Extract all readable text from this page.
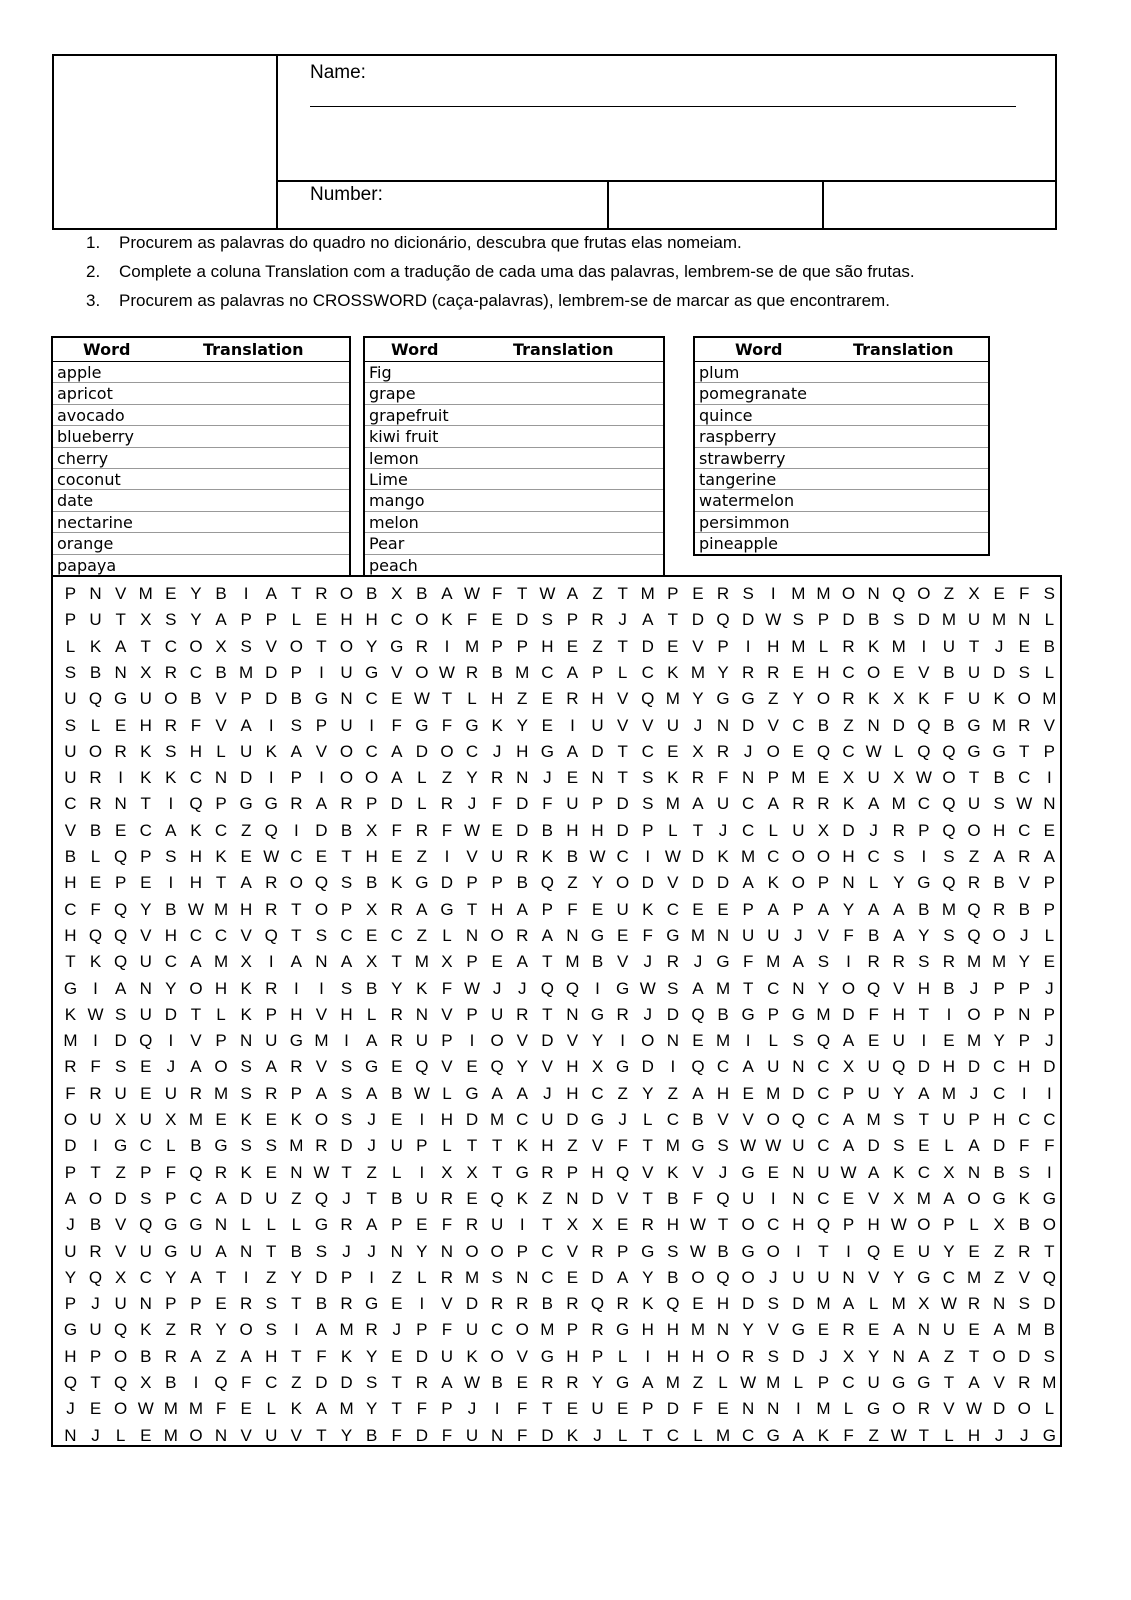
Name:
Number:
1. Procurem as palavras do quadro no dicionário, descubra que frutas elas nomeiam.
2. Complete a coluna Translation com a tradução de cada uma das palavras, lembrem-se de que são frutas.
3. Procurem as palavras no CROSSWORD (caça-palavras), lembrem-se de marcar as que encontrarem.
Word	Translation
apple
apricot
avocado
blueberry
cherry
coconut
date
nectarine
orange
papaya
Word	Translation
Fig
grape
grapefruit
kiwi fruit
lemon
Lime
mango
melon
Pear
peach
Word	Translation
plum
pomegranate
quince
raspberry
strawberry
tangerine
watermelon
persimmon
pineapple
P N V M E Y B	I	A T R O B X B A W F T W A Z T M P E R S	I M M O N Q O Z X E F S
P U T X S Y A P P L E H H C O K F E D S P R J A T D Q D W S P D B S D M U M N L
L K A T C O X S V O T O Y G R I M P P H E Z T D E V P	I H M L R K M I U T J E B
S B N X R C B M D P	I U G V O W R B M C A P L C K M Y R R E H C O E V B U D S L
U Q G U O B V P D B G N C E W T L H Z E R H V Q M Y G G Z Y O R K X K F U K O M
S L E H R F V A	I	S P U I	F G F G K Y E	I U V V U J N D V C B Z N D Q B G M R V
U O R K S H L U K A V O C A D O C J H G A D T C E X R J O E Q C W L Q Q G G T P
U R I	K K C N D I	P	I O O A L Z Y R N J E N T S K R F N P M E X U X W O T B C I
C R N T	I Q P G G R A R P D L R J F D F U P D S M A U C A R R K A M C Q U S W N
V B E C A K C Z Q I D B X F R F W E D B H H D P L T J C L U X D J R P Q O H C E
B L Q P S H K E W C E T H E Z	I	V U R K B W C I W D K M C O O H C S	I	S Z A R A
H E P E	I H T A R O Q S B K G D P P B Q Z Y O D V D D A K O P N L Y G Q R B V P
C F Q Y B W M H R T O P X R A G T H A P F E U K C E E P A P A Y A A B M Q R B P
H Q Q V H C C V Q T S C E C Z L N O R A N G E F G M N U U J V F B A Y S Q O J L
T K Q U C A M X	I	A N A X T M X P E A T M B V J R J G F M A S	I R R S R M M Y E
G I	A N Y O H K R I	I	S B Y K F W J J Q Q I G W S A M T C N Y O Q V H B J P P J
K W S U D T L K P H V H L R N V P U R T N G R J D Q B G P G M D F H T	I O P N P
M I D Q I	V P N U G M I	A R U P	I O V D V Y	I O N E M I	L S Q A E U I	E M Y P J
R F S E J A O S A R V S G E Q V E Q Y V H X G D I Q C A U N C X U Q D H D C H D
F R U E U R M S R P A S A B W L G A A J H C Z Y Z A H E M D C P U Y A M J C I	I
O U X U X M E K E K O S J E	I H D M C U D G J L C B V V O Q C A M S T U P H C C
D I G C L B G S S M R D J U P L T T K H Z V F T M G S W W U C A D S E L A D F F
P T Z P F Q R K E N W T Z L	I	X X T G R P H Q V K V J G E N U W A K C X N B S	I
A O D S P C A D U Z Q J T B U R E Q K Z N D V T B F Q U I N C E V X M A O G K G
J B V Q G G N L L L G R A P E F R U I	T X X E R H W T O C H Q P H W O P L X B O
U R V U G U A N T B S J J N Y N O O P C V R P G S W B G O I	T	I Q E U Y E Z R T
Y Q X C Y A T	I	Z Y D P	I	Z L R M S N C E D A Y B O Q O J U U N V Y G C M Z V Q
P J U N P P E R S T B R G E	I	V D R R B R Q R K Q E H D S D M A L M X W R N S D
G U Q K Z R Y O S	I	A M R J P F U C O M P R G H H M N Y V G E R E A N U E A M B
H P O B R A Z A H T F K Y E D U K O V G H P L	I H H O R S D J X Y N A Z T O D S
Q T Q X B	I Q F C Z D D S T R A W B E R R Y G A M Z L W M L P C U G G T A V R M
J E O W M M F E L K A M Y T F P J	I	F T E U E P D F E N N I M L G O R V W D O L
N J L E M O N V U V T Y B F D F U N F D K J L T C L M C G A K F Z W T L H J J G
